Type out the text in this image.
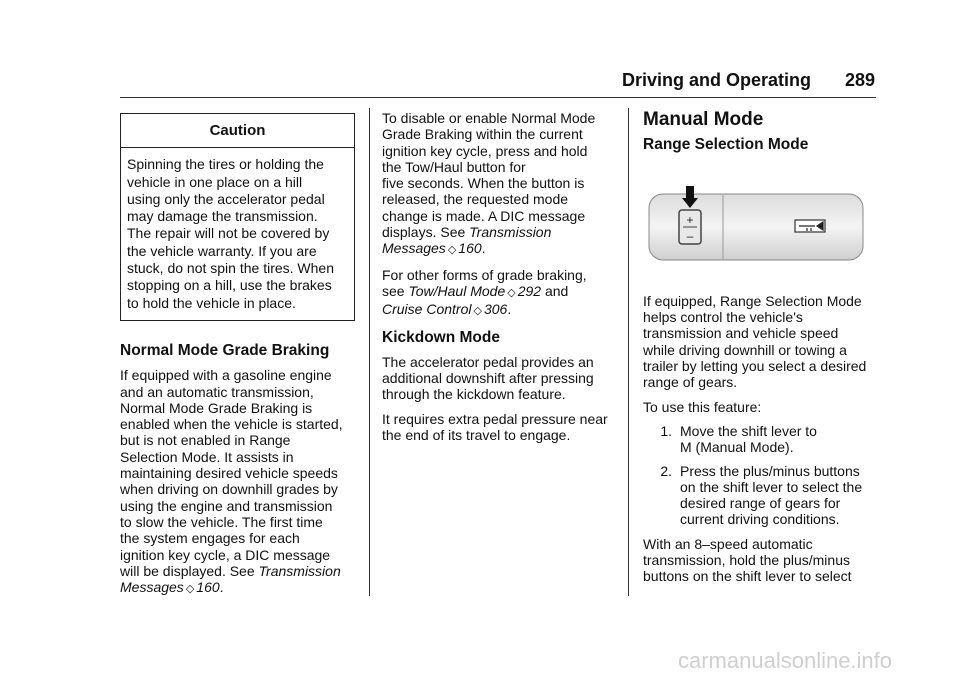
Driving and Operating 289
Caution
Spinning the tires or holding the
vehicle in one place on a hill
using only the accelerator pedal
may damage the transmission.
The repair will not be covered by
the vehicle warranty. If you are
stuck, do not spin the tires. When
stopping on a hill, use the brakes
to hold the vehicle in place.
Normal Mode Grade Braking

If equipped with a gasoline engine
and an automatic transmission,
Normal Mode Grade Braking is
enabled when the vehicle is started,
but is not enabled in Range
Selection Mode. It assists in
maintaining desired vehicle speeds
when driving on downhill grades by
using the engine and transmission
to slow the vehicle. The first time
the system engages for each
ignition key cycle, a DIC message
will be displayed. See Transmission
Messages ◇ 160.

To disable or enable Normal Mode
Grade Braking within the current
ignition key cycle, press and hold
the Tow/Haul button for
five seconds. When the button is
released, the requested mode
change is made. A DIC message
displays. See Transmission
Messages ◇ 160.

For other forms of grade braking,
see Tow/Haul Mode ◇ 292 and
Cruise Control ◇ 306.

Kickdown Mode

The accelerator pedal provides an
additional downshift after pressing
through the kickdown feature.

It requires extra pedal pressure near
the end of its travel to engage.

Manual Mode
Range Selection Mode
+
–

If equipped, Range Selection Mode
helps control the vehicle's
transmission and vehicle speed
while driving downhill or towing a
trailer by letting you select a desired
range of gears.

To use this feature:

1. Move the shift lever to
M (Manual Mode).
2. Press the plus/minus buttons
on the shift lever to select the
desired range of gears for
current driving conditions.

With an 8–speed automatic
transmission, hold the plus/minus
buttons on the shift lever to select

carmanualsonline.info
